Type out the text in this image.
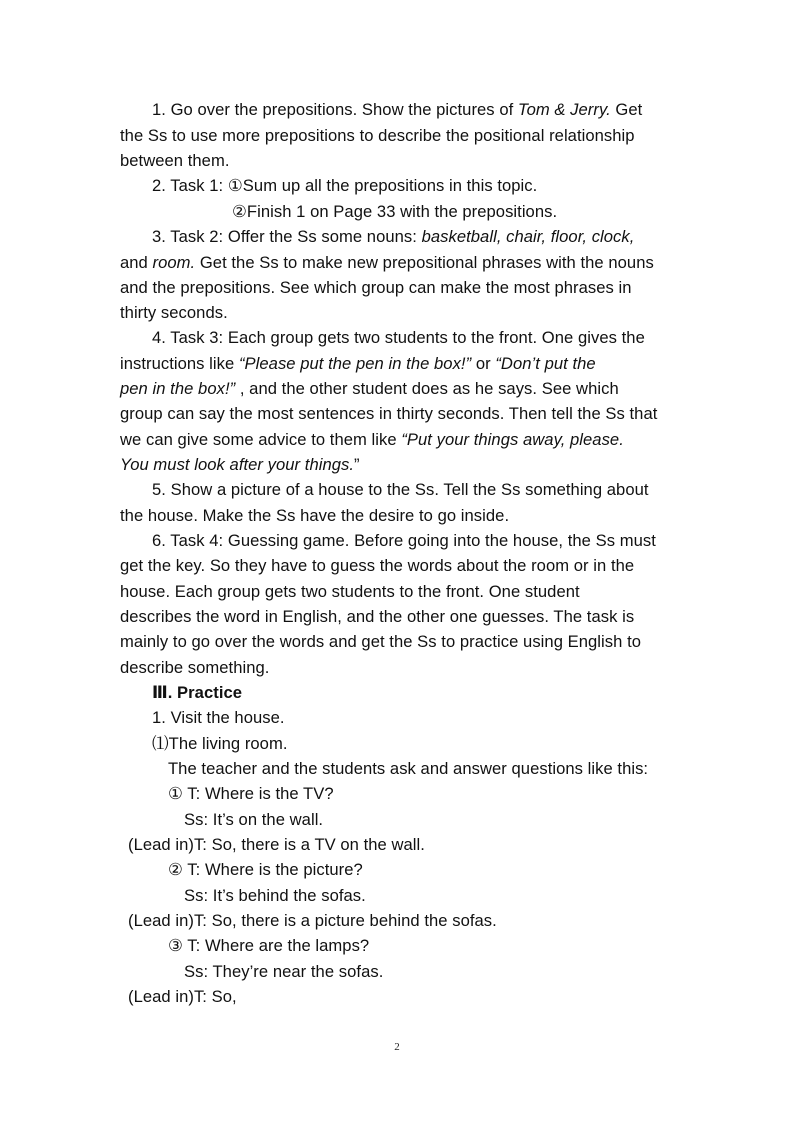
1. Go over the prepositions. Show the pictures of Tom & Jerry. Get
the Ss to use more prepositions to describe the positional relationship
between them.
2. Task 1: ①Sum up all the prepositions in this topic.
②Finish 1 on Page 33 with the prepositions.
3. Task 2: Offer the Ss some nouns: basketball, chair, floor, clock,
and room. Get the Ss to make new prepositional phrases with the nouns
and the prepositions. See which group can make the most phrases in
thirty seconds.
4. Task 3: Each group gets two students to the front. One gives the
instructions like “Please put the pen in the box!” or “Don’t put the
pen in the box!” , and the other student does as he says. See which
group can say the most sentences in thirty seconds. Then tell the Ss that
we can give some advice to them like “Put your things away, please.
You must look after your things.”
5. Show a picture of a house to the Ss. Tell the Ss something about
the house. Make the Ss have the desire to go inside.
6. Task 4: Guessing game. Before going into the house, the Ss must
get the key. So they have to guess the words about the room or in the
house. Each group gets two students to the front. One student
describes the word in English, and the other one guesses. The task is
mainly to go over the words and get the Ss to practice using English to
describe something.
Ⅲ. Practice
1. Visit the house.
⑴The living room.
The teacher and the students ask and answer questions like this:
① T: Where is the TV?
Ss: It’s on the wall.
(Lead in)T: So, there is a TV on the wall.
② T: Where is the picture?
Ss: It’s behind the sofas.
(Lead in)T: So, there is a picture behind the sofas.
③ T: Where are the lamps?
Ss: They’re near the sofas.
(Lead in)T: So,
2
